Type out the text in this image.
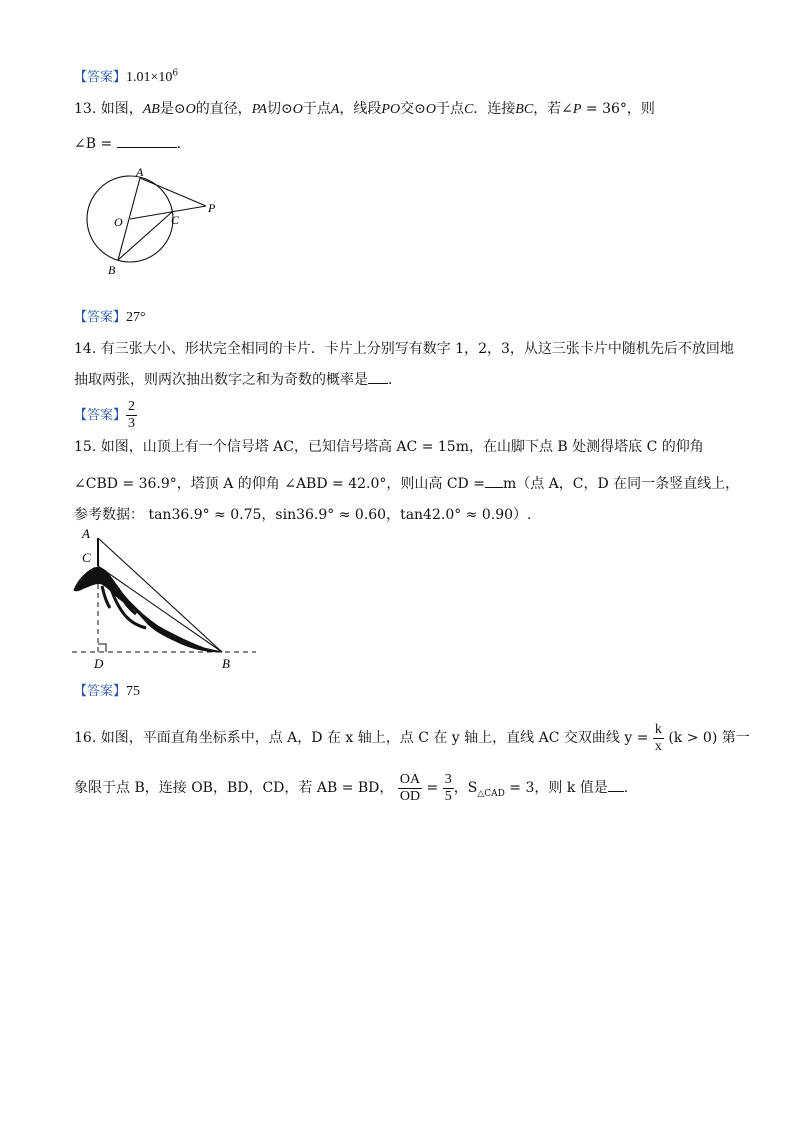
【答案】$1.01\times 10^6$
13. 如图，AB是⊙O的直径，PA切⊙O于点A，线段PO交⊙O于点C．连接BC，若∠P = 36°，则
∠B =	．
A
O	C
P
B
【答案】27°
14. 有三张大小、形状完全相同的卡片．卡片上分别写有数字 1，2，3，从这三张卡片中随机先后不放回地
抽取两张，则两次抽出数字之和为奇数的概率是 ．
【答案】 $\frac{2}{3}$
15. 如图，山顶上有一个信号塔 AC，已知信号塔高 AC = 15m，在山脚下点 B 处测得塔底 C 的仰角
∠CBD = 36.9°，塔顶 A 的仰角 ∠ABD = 42.0°，则山高 CD = m（点 A，C，D 在同一条竖直线上，
参考数据： tan36.9° ≈ 0.75，sin36.9° ≈ 0.60，tan42.0° ≈ 0.90）.
A
C
D	B
【答案】75
16. 如图，平面直角坐标系中，点 A，D 在 x 轴上，点 C 在 y 轴上，直线 AC 交双曲线 $y = \frac{k}{x} (k > 0)$ 第一
象限于点 B，连接 OB，BD，CD，若 AB = BD， $\frac{OA}{OD} = \frac{3}{5}$ ，$S_{\triangle CAD} = 3$，则 k 值是 ．
